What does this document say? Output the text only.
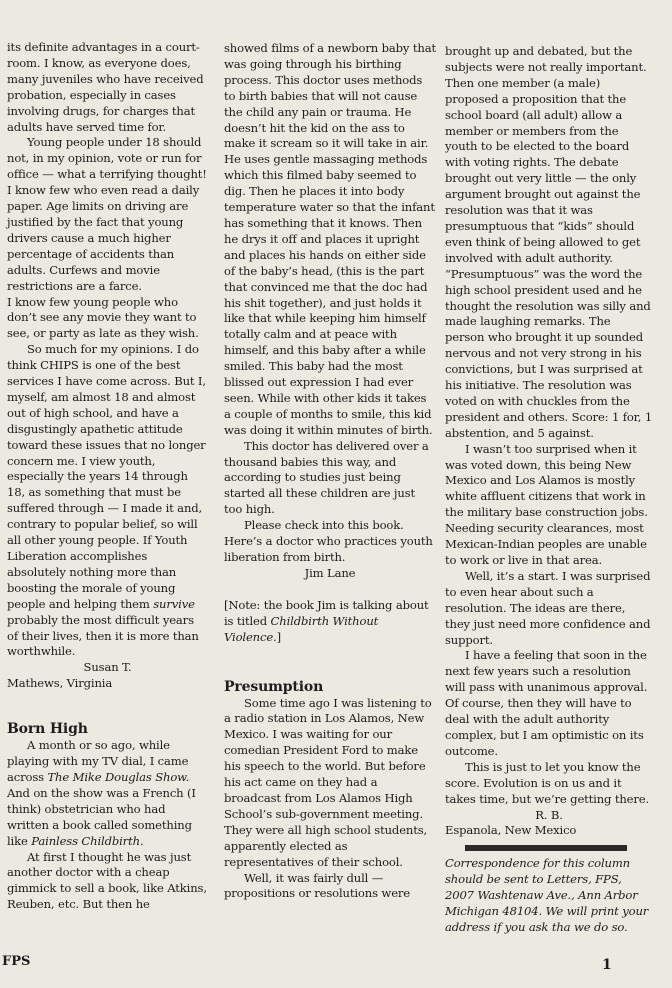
its definite advantages in a court-room. I know, as everyone does, many juveniles who have received probation, especially in cases involving drugs, for charges that adults have served time for.

Young people under 18 should not, in my opinion, vote or run for office — what a terrifying thought! I know few who even read a daily paper. Age limits on driving are justified by the fact that young drivers cause a much higher percentage of accidents than adults. Curfews and movie restrictions are a farce.

I know few young people who don’t see any movie they want to see, or party as late as they wish.

So much for my opinions. I do think CHIPS is one of the best services I have come across. But I, myself, am almost 18 and almost out of high school, and have a disgustingly apathetic attitude toward these issues that no longer concern me. I view youth, especially the years 14 through 18, as something that must be suffered through — I made it and, contrary to popular belief, so will all other young people. If Youth Liberation accomplishes absolutely nothing more than boosting the morale of young people and helping them survive probably the most difficult years of their lives, then it is more than worthwhile.

Susan T.

Mathews, Virginia

Born High

A month or so ago, while playing with my TV dial, I came across The Mike Douglas Show. And on the show was a French (I think) obstetrician who had written a book called something like Painless Childbirth.

At first I thought he was just another doctor with a cheap gimmick to sell a book, like Atkins, Reuben, etc. But then he

showed films of a newborn baby that was going through his birthing process. This doctor uses methods to birth babies that will not cause the child any pain or trauma. He doesn’t hit the kid on the ass to make it scream so it will take in air. He uses gentle massaging methods which this filmed baby seemed to dig. Then he places it into body temperature water so that the infant has something that it knows. Then he drys it off and places it upright and places his hands on either side of the baby’s head, (this is the part that convinced me that the doc had his shit together), and just holds it like that while keeping him himself totally calm and at peace with himself, and this baby after a while smiled. This baby had the most blissed out expression I had ever seen. While with other kids it takes a couple of months to smile, this kid was doing it within minutes of birth.

This doctor has delivered over a thousand babies this way, and according to studies just being started all these children are just too high.

Please check into this book. Here’s a doctor who practices youth liberation from birth.

Jim Lane

[Note: the book Jim is talking about is titled Childbirth Without Violence.]

Presumption

Some time ago I was listening to a radio station in Los Alamos, New Mexico. I was waiting for our comedian President Ford to make his speech to the world. But before his act came on they had a broadcast from Los Alamos High School’s sub-government meeting. They were all high school students, apparently elected as representatives of their school.

Well, it was fairly dull — propositions or resolutions were

brought up and debated, but the subjects were not really important. Then one member (a male) proposed a proposition that the school board (all adult) allow a member or members from the youth to be elected to the board with voting rights. The debate brought out very little — the only argument brought out against the resolution was that it was presumptuous that “kids” should even think of being allowed to get involved with adult authority. “Presumptuous” was the word the high school president used and he thought the resolution was silly and made laughing remarks. The person who brought it up sounded nervous and not very strong in his convictions, but I was surprised at his initiative. The resolution was voted on with chuckles from the president and others. Score: 1 for, 1 abstention, and 5 against.

I wasn’t too surprised when it was voted down, this being New Mexico and Los Alamos is mostly white affluent citizens that work in the military base construction jobs. Needing security clearances, most Mexican-Indian peoples are unable to work or live in that area.

Well, it’s a start. I was surprised to even hear about such a resolution. The ideas are there, they just need more confidence and support.

I have a feeling that soon in the next few years such a resolution will pass with unanimous approval. Of course, then they will have to deal with the adult authority complex, but I am optimistic on its outcome.

This is just to let you know the score. Evolution is on us and it takes time, but we’re getting there.

R. B.

Espanola, New Mexico

Correspondence for this column should be sent to Letters, FPS, 2007 Washtenaw Ave., Ann Arbor Michigan 48104. We will print your address if you ask tha we do so.

FPS	1
